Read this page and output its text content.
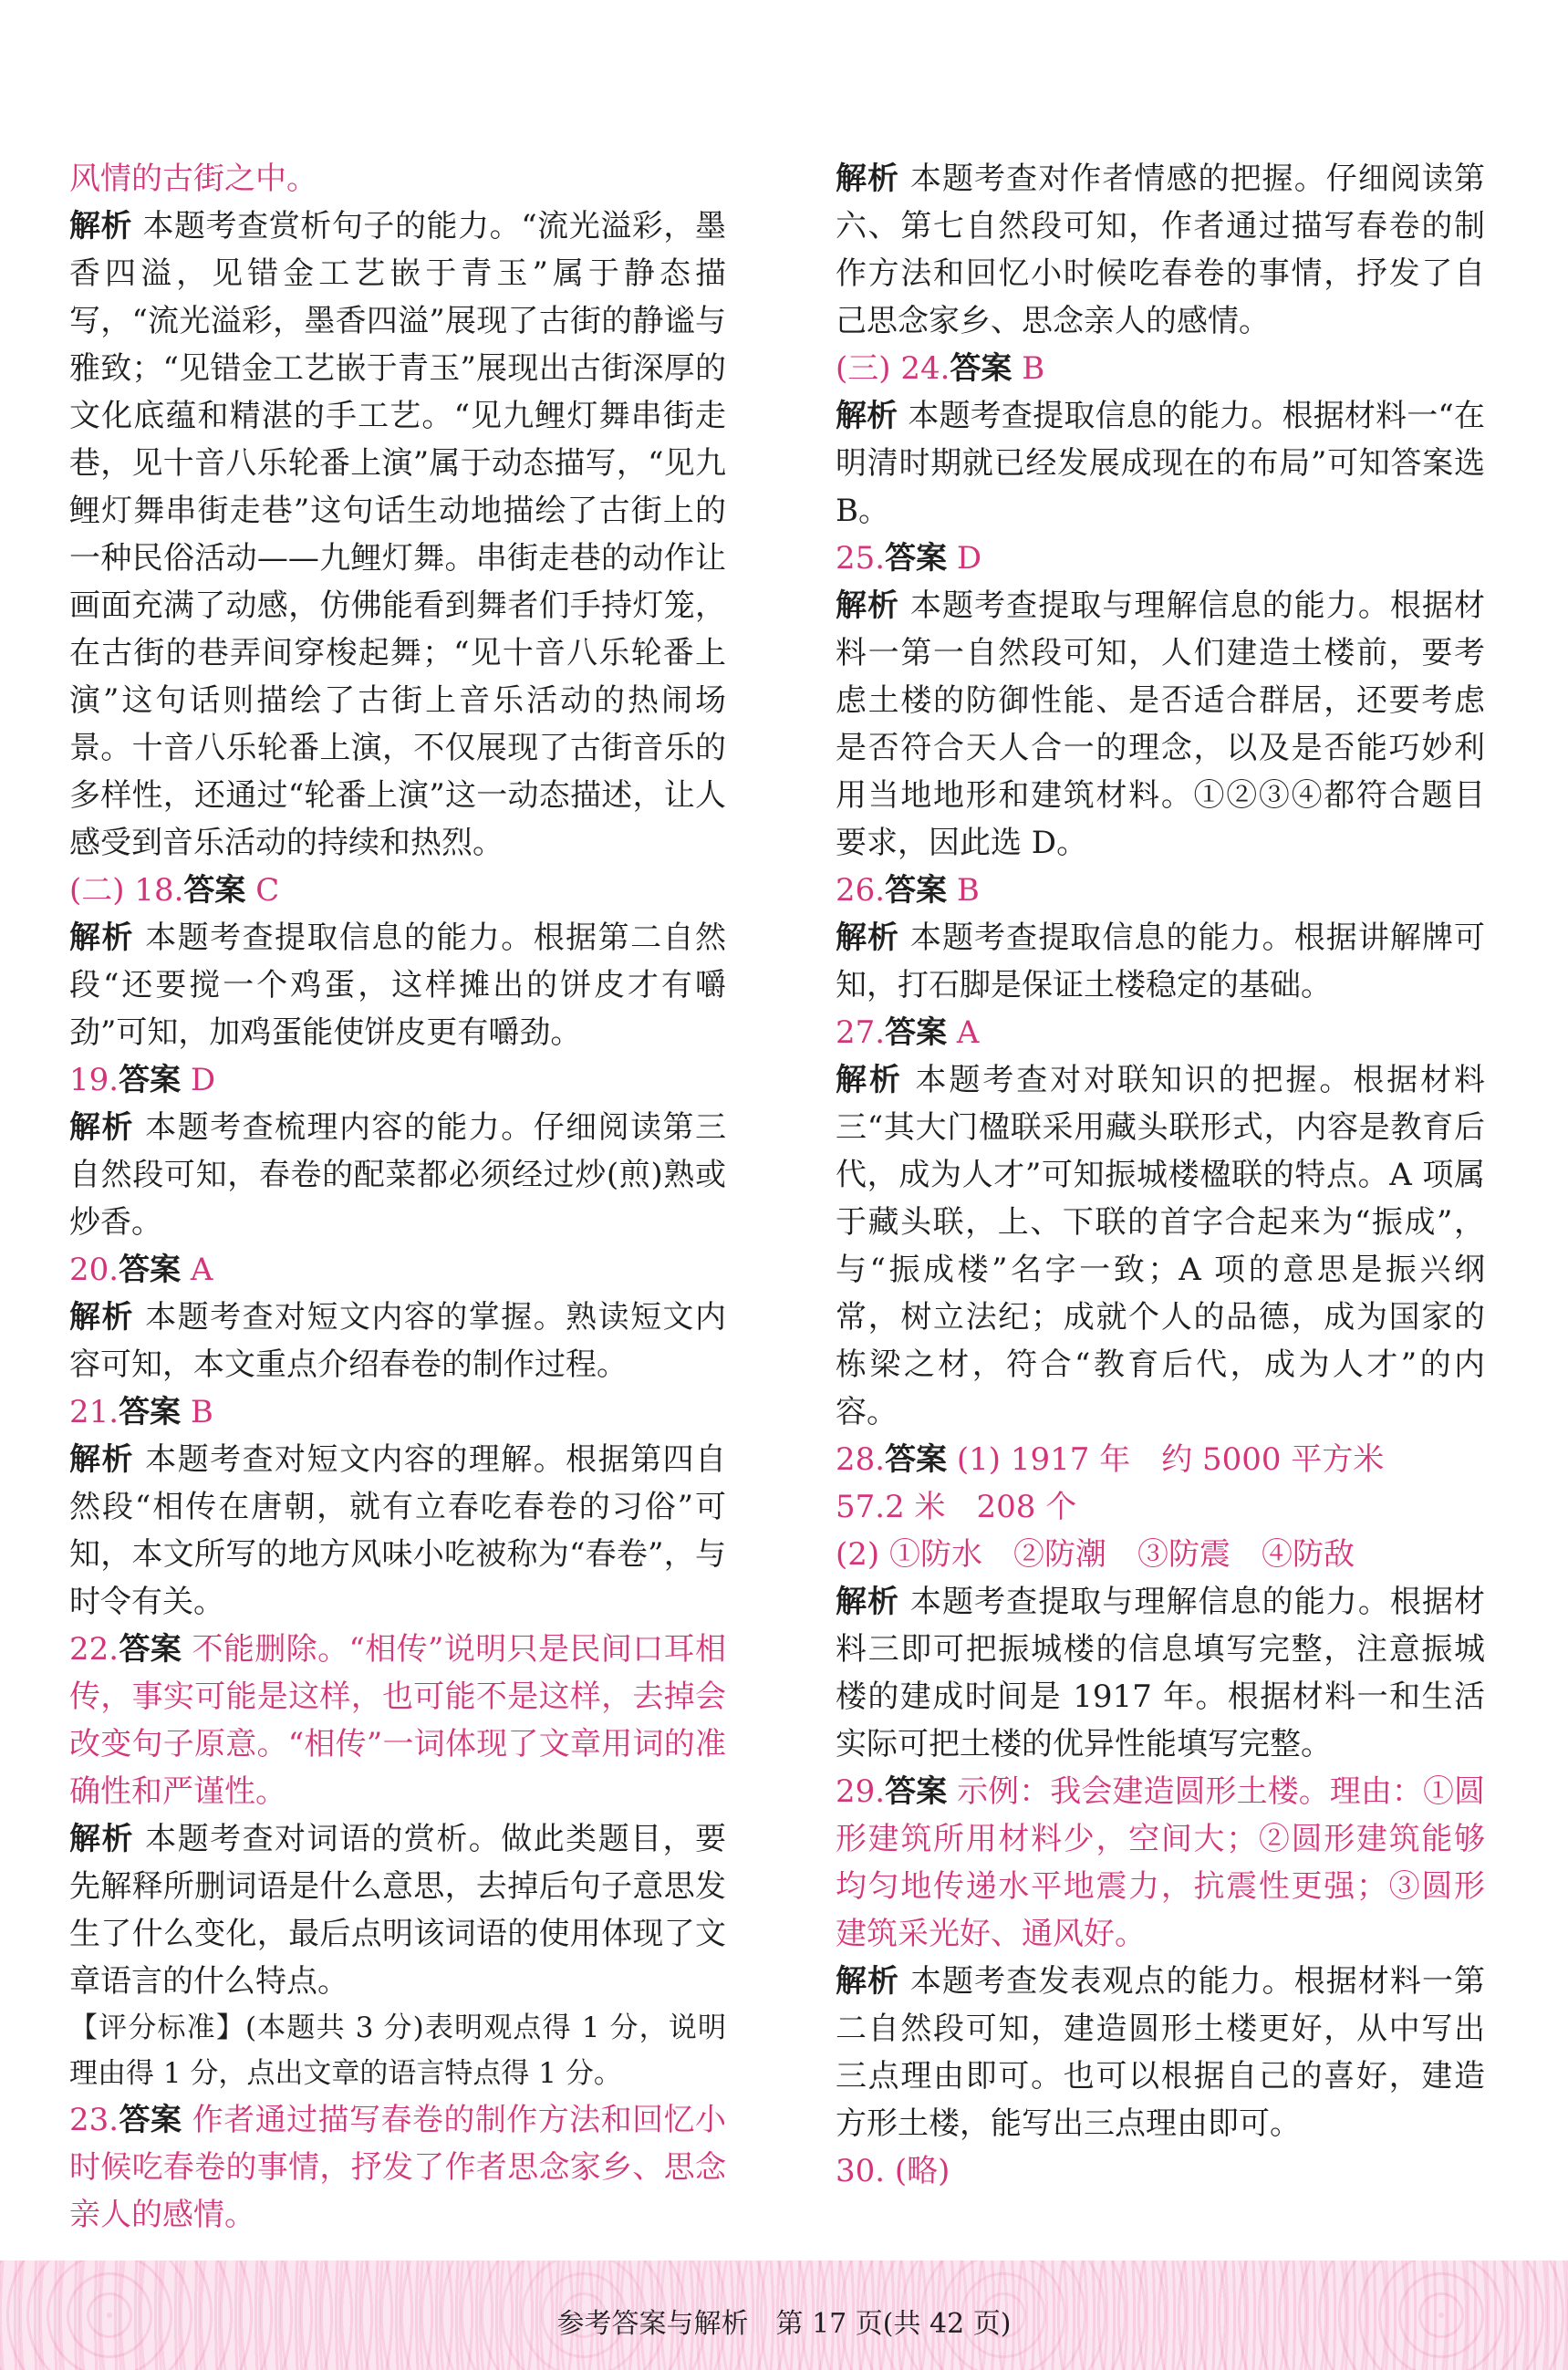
风情的古街之中。

解析 本题考查赏析句子的能力。“流光溢彩，墨香四溢，见错金工艺嵌于青玉”属于静态描写，“流光溢彩，墨香四溢”展现了古街的静谧与雅致；“见错金工艺嵌于青玉”展现出古街深厚的文化底蕴和精湛的手工艺。“见九鲤灯舞串街走巷，见十音八乐轮番上演”属于动态描写，“见九鲤灯舞串街走巷”这句话生动地描绘了古街上的一种民俗活动——九鲤灯舞。串街走巷的动作让画面充满了动感，仿佛能看到舞者们手持灯笼，在古街的巷弄间穿梭起舞；“见十音八乐轮番上演”这句话则描绘了古街上音乐活动的热闹场景。十音八乐轮番上演，不仅展现了古街音乐的多样性，还通过“轮番上演”这一动态描述，让人感受到音乐活动的持续和热烈。

(二) 18.答案 C

解析 本题考查提取信息的能力。根据第二自然段“还要搅一个鸡蛋，这样摊出的饼皮才有嚼劲”可知，加鸡蛋能使饼皮更有嚼劲。

19.答案 D

解析 本题考查梳理内容的能力。仔细阅读第三自然段可知，春卷的配菜都必须经过炒(煎)熟或炒香。

20.答案 A

解析 本题考查对短文内容的掌握。熟读短文内容可知，本文重点介绍春卷的制作过程。

21.答案 B

解析 本题考查对短文内容的理解。根据第四自然段“相传在唐朝，就有立春吃春卷的习俗”可知，本文所写的地方风味小吃被称为“春卷”，与时令有关。

22.答案 不能删除。“相传”说明只是民间口耳相传，事实可能是这样，也可能不是这样，去掉会改变句子原意。“相传”一词体现了文章用词的准确性和严谨性。

解析 本题考查对词语的赏析。做此类题目，要先解释所删词语是什么意思，去掉后句子意思发生了什么变化，最后点明该词语的使用体现了文章语言的什么特点。

【评分标准】(本题共 3 分)表明观点得 1 分，说明理由得 1 分，点出文章的语言特点得 1 分。

23.答案 作者通过描写春卷的制作方法和回忆小时候吃春卷的事情，抒发了作者思念家乡、思念亲人的感情。

解析 本题考查对作者情感的把握。仔细阅读第六、第七自然段可知，作者通过描写春卷的制作方法和回忆小时候吃春卷的事情，抒发了自己思念家乡、思念亲人的感情。

(三) 24.答案 B

解析 本题考查提取信息的能力。根据材料一“在明清时期就已经发展成现在的布局”可知答案选 B。

25.答案 D

解析 本题考查提取与理解信息的能力。根据材料一第一自然段可知，人们建造土楼前，要考虑土楼的防御性能、是否适合群居，还要考虑是否符合天人合一的理念，以及是否能巧妙利用当地地形和建筑材料。①②③④都符合题目要求，因此选 D。

26.答案 B

解析 本题考查提取信息的能力。根据讲解牌可知，打石脚是保证土楼稳定的基础。

27.答案 A

解析 本题考查对对联知识的把握。根据材料三“其大门楹联采用藏头联形式，内容是教育后代，成为人才”可知振城楼楹联的特点。A 项属于藏头联，上、下联的首字合起来为“振成”，与“振成楼”名字一致；A 项的意思是振兴纲常，树立法纪；成就个人的品德，成为国家的栋梁之材，符合“教育后代，成为人才”的内容。

28.答案 (1) 1917 年　约 5000 平方米

57.2 米　208 个

(2) ①防水　②防潮　③防震　④防敌

解析 本题考查提取与理解信息的能力。根据材料三即可把振城楼的信息填写完整，注意振城楼的建成时间是 1917 年。根据材料一和生活实际可把土楼的优异性能填写完整。

29.答案 示例：我会建造圆形土楼。理由：①圆形建筑所用材料少，空间大；②圆形建筑能够均匀地传递水平地震力，抗震性更强；③圆形建筑采光好、通风好。

解析 本题考查发表观点的能力。根据材料一第二自然段可知，建造圆形土楼更好，从中写出三点理由即可。也可以根据自己的喜好，建造方形土楼，能写出三点理由即可。

30. (略)

参考答案与解析　第 17 页(共 42 页)
